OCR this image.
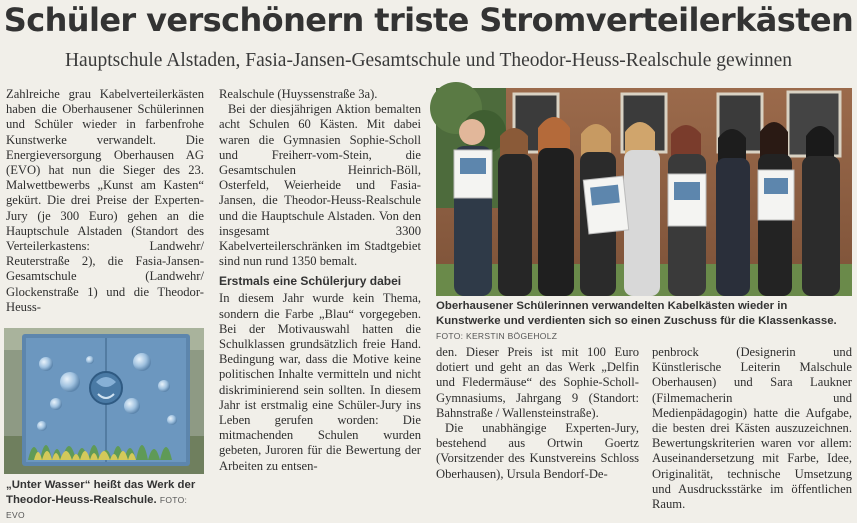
Schüler verschönern triste Stromverteilerkästen
Hauptschule Alstaden, Fasia-Jansen-Gesamtschule und Theodor-Heuss-Realschule gewinnen

Zahlreiche grau Kabelverteilerkästen haben die Oberhausener Schülerinnen und Schüler wieder in farbenfrohe Kunstwerke verwandelt. Die Energieversorgung Oberhausen AG (EVO) hat nun die Sieger des 23. Malwettbewerbs „Kunst am Kasten“ gekürt. Die drei Preise der Experten-Jury (je 300 Euro) gehen an die Hauptschule Alstaden (Standort des Verteilerkastens: Landwehr/ Reuterstraße 2), die Fasia-Jansen-Gesamtschule (Landwehr/ Glockenstraße 1) und die Theodor-Heuss-

„Unter Wasser“ heißt das Werk der Theodor-Heuss-Realschule. FOTO: EVO

Realschule (Huyssenstraße 3a).

Bei der diesjährigen Aktion bemalten acht Schulen 60 Kästen. Mit dabei waren die Gymnasien Sophie-Scholl und Freiherr-vom-Stein, die Gesamtschulen Heinrich-Böll, Osterfeld, Weierheide und Fasia-Jansen, die Theodor-Heuss-Realschule und die Hauptschule Alstaden. Von den insgesamt 3300 Kabelverteilerschränken im Stadtgebiet sind nun rund 1350 bemalt.

Erstmals eine Schülerjury dabei

In diesem Jahr wurde kein Thema, sondern die Farbe „Blau“ vorgegeben. Bei der Motivauswahl hatten die Schulklassen grundsätzlich freie Hand. Bedingung war, dass die Motive keine politischen Inhalte vermitteln und nicht diskriminierend sein sollten. In diesem Jahr ist erstmalig eine Schüler-Jury ins Leben gerufen worden: Die mitmachenden Schulen wurden gebeten, Juroren für die Bewertung der Arbeiten zu entsen-

Oberhausener Schülerinnen verwandelten Kabelkästen wieder in Kunstwerke und verdienten sich so einen Zuschuss für die Klassenkasse. FOTO: KERSTIN BÖGEHOLZ

den. Dieser Preis ist mit 100 Euro dotiert und geht an das Werk „Delfin und Fledermäuse“ des Sophie-Scholl-Gymnasiums, Jahrgang 9 (Standort: Bahnstraße / Wallensteinstraße).

Die unabhängige Experten-Jury, bestehend aus Ortwin Goertz (Vorsitzender des Kunstvereins Schloss Oberhausen), Ursula Bendorf-De-

penbrock (Designerin und Künstlerische Leiterin Malschule Oberhausen) und Sara Laukner (Filmemacherin und Medienpädagogin) hatte die Aufgabe, die besten drei Kästen auszuzeichnen. Bewertungskriterien waren vor allem: Auseinandersetzung mit Farbe, Idee, Originalität, technische Umsetzung und Ausdrucksstärke im öffentlichen Raum.
